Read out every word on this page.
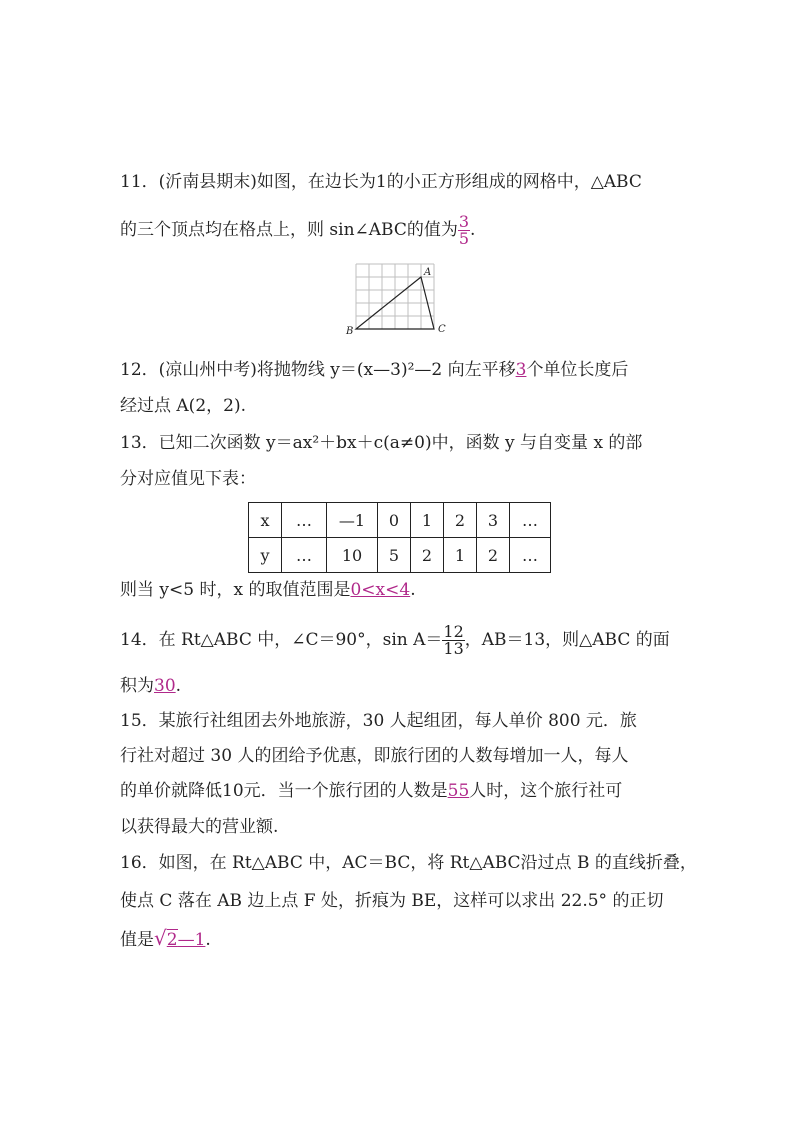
11．(沂南县期末)如图，在边长为1的小正方形组成的网格中，△ABC
的三个顶点均在格点上，则 sin∠ABC的值为 $\frac{3}{5}$ .
A
B	C
12．(凉山州中考)将抛物线 y＝(x—3)²—2 向左平移3个单位长度后
经过点 A(2，2).
13．已知二次函数 y＝ax²＋bx＋c(a≠0)中，函数 y 与自变量 x 的部
分对应值见下表：
x	…	—1	0	1	2	3	…
y	…	10	5	2	1	2	…
则当 y<5 时，x 的取值范围是0<x<4.
14．在 Rt△ABC 中，∠C＝90°，$\sin A= \frac{12}{13}$ ，AB＝13，则△ABC 的面
积为30.
15．某旅行社组团去外地旅游，30 人起组团，每人单价 800 元．旅
行社对超过 30 人的团给予优惠，即旅行团的人数每增加一人，每人
的单价就降低10元．当一个旅行团的人数是55人时，这个旅行社可
以获得最大的营业额.
16．如图，在 Rt△ABC 中，AC＝BC，将 Rt△ABC沿过点 B 的直线折叠，
使点 C 落在 AB 边上点 F 处，折痕为 BE，这样可以求出 22.5° 的正切
值是√2—1.
